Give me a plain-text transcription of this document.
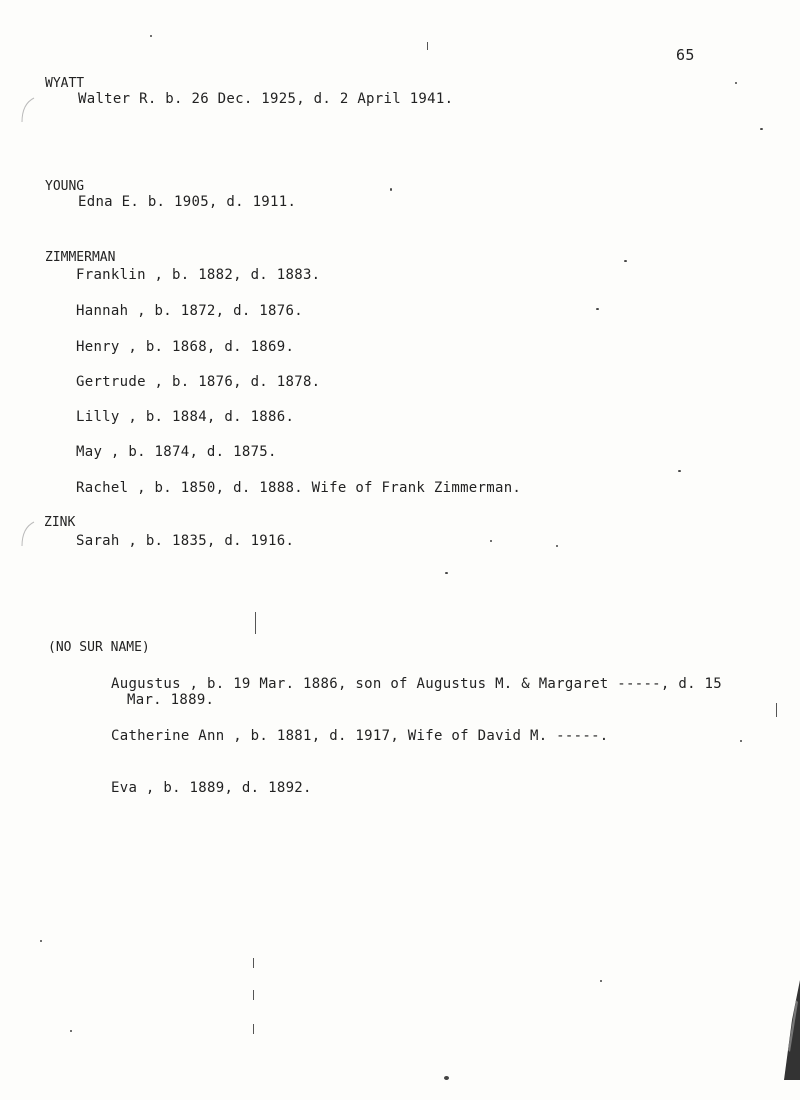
65
WYATT
Walter R. b. 26 Dec. 1925, d. 2 April 1941.
YOUNG
Edna E. b. 1905, d. 1911.
ZIMMERMAN
Franklin , b. 1882, d. 1883.
Hannah , b. 1872, d. 1876.
Henry , b. 1868, d. 1869.
Gertrude , b. 1876, d. 1878.
Lilly , b. 1884, d. 1886.
May , b. 1874, d. 1875.
Rachel , b. 1850, d. 1888. Wife of Frank Zimmerman.
ZINK
Sarah , b. 1835, d. 1916.
(NO SUR NAME)
Augustus , b. 19 Mar. 1886, son of Augustus M. & Margaret -----, d. 15
Mar. 1889.
Catherine Ann , b. 1881, d. 1917, Wife of David M. -----.
Eva , b. 1889, d. 1892.
